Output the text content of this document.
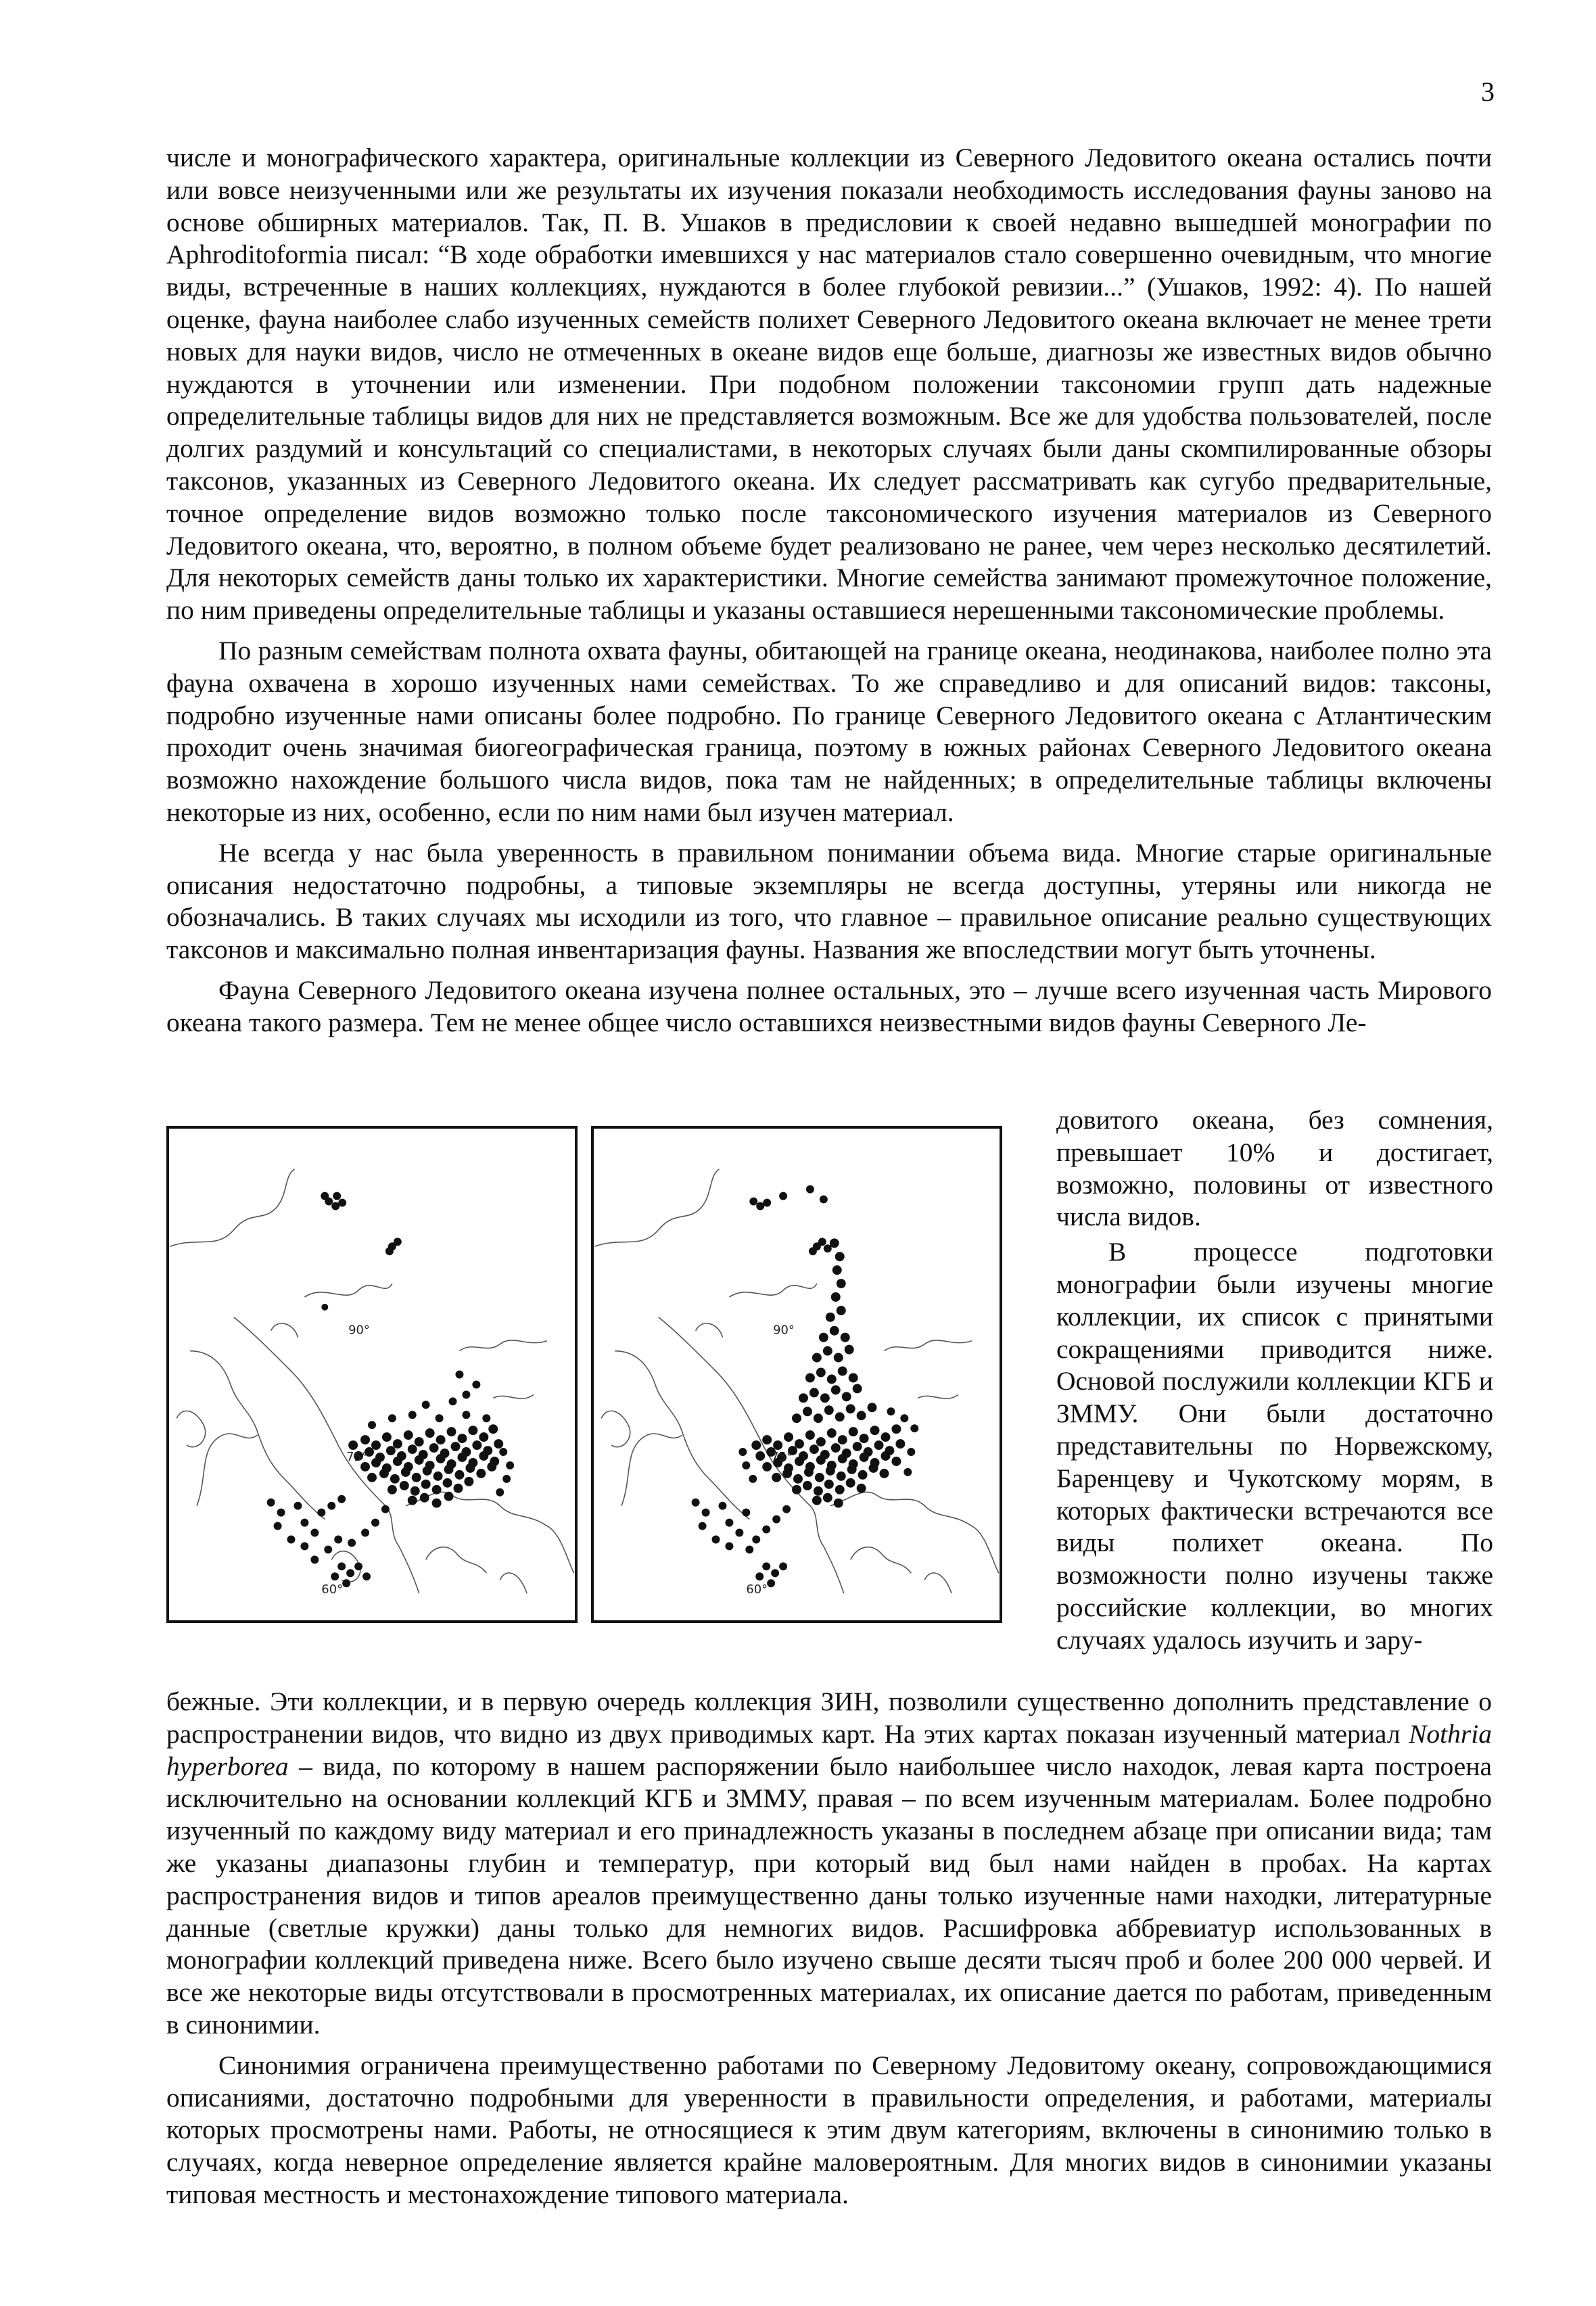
3

числе и монографического характера, оригинальные коллекции из Северного Ледовитого океана остались почти или вовсе неизученными или же результаты их изучения показали необходимость исследования фауны заново на основе обширных материалов. Так, П. В. Ушаков в предисловии к своей недавно вышедшей монографии по Aphroditoformia писал: “В ходе обработки имевшихся у нас материалов стало совершенно очевидным, что многие виды, встреченные в наших коллекциях, нуждаются в более глубокой ревизии...” (Ушаков, 1992: 4). По нашей оценке, фауна наиболее слабо изученных семейств полихет Северного Ледовитого океана включает не менее трети новых для науки видов, число не отмеченных в океане видов еще больше, диагнозы же известных видов обычно нуждаются в уточнении или изменении. При подобном положении таксономии групп дать надежные определительные таблицы видов для них не представляется возможным. Все же для удобства пользователей, после долгих раздумий и консультаций со специалистами, в некоторых случаях были даны скомпилированные обзоры таксонов, указанных из Северного Ледовитого океана. Их следует рассматривать как сугубо предварительные, точное определение видов возможно только после таксономического изучения материалов из Северного Ледовитого океана, что, вероятно, в полном объеме будет реализовано не ранее, чем через несколько десятилетий. Для некоторых семейств даны только их характеристики. Многие семейства занимают промежуточное положение, по ним приведены определительные таблицы и указаны оставшиеся нерешенными таксономические проблемы.

По разным семействам полнота охвата фауны, обитающей на границе океана, неодинакова, наиболее полно эта фауна охвачена в хорошо изученных нами семействах. То же справедливо и для описаний видов: таксоны, подробно изученные нами описаны более подробно. По границе Северного Ледовитого океана с Атлантическим проходит очень значимая биогеографическая граница, поэтому в южных районах Северного Ледовитого океана возможно нахождение большого числа видов, пока там не найденных; в определительные таблицы включены некоторые из них, особенно, если по ним нами был изучен материал.

Не всегда у нас была уверенность в правильном понимании объема вида. Многие старые оригинальные описания недостаточно подробны, а типовые экземпляры не всегда доступны, утеряны или никогда не обозначались. В таких случаях мы исходили из того, что главное – правильное описание реально существующих таксонов и максимально полная инвентаризация фауны. Названия же впоследствии могут быть уточнены.

Фауна Северного Ледовитого океана изучена полнее остальных, это – лучше всего изученная часть Мирового океана такого размера. Тем не менее общее число оставшихся неизвестными видов фауны Северного Ле-

90°
75°
60°
90°
75°
60°

довитого океана, без сомнения, превышает 10% и достигает, возможно, половины от известного числа видов.

В процессе подготовки монографии были изучены многие коллекции, их список с принятыми сокращениями приводится ниже. Основой послужили коллекции КГБ и ЗММУ. Они были достаточно представительны по Норвежскому, Баренцеву и Чукотскому морям, в которых фактически встречаются все виды полихет океана. По возможности полно изучены также российские коллекции, во многих случаях удалось изучить и зару-

бежные. Эти коллекции, и в первую очередь коллекция ЗИН, позволили существенно дополнить представление о распространении видов, что видно из двух приводимых карт. На этих картах показан изученный материал Nothria hyperborea – вида, по которому в нашем распоряжении было наибольшее число находок, левая карта построена исключительно на основании коллекций КГБ и ЗММУ, правая – по всем изученным материалам. Более подробно изученный по каждому виду материал и его принадлежность указаны в последнем абзаце при описании вида; там же указаны диапазоны глубин и температур, при который вид был нами найден в пробах. На картах распространения видов и типов ареалов преимущественно даны только изученные нами находки, литературные данные (светлые кружки) даны только для немногих видов. Расшифровка аббревиатур использованных в монографии коллекций приведена ниже. Всего было изучено свыше десяти тысяч проб и более 200 000 червей. И все же некоторые виды отсутствовали в просмотренных материалах, их описание дается по работам, приведенным в синонимии.

Синонимия ограничена преимущественно работами по Северному Ледовитому океану, сопровождающимися описаниями, достаточно подробными для уверенности в правильности определения, и работами, материалы которых просмотрены нами. Работы, не относящиеся к этим двум категориям, включены в синонимию только в случаях, когда неверное определение является крайне маловероятным. Для многих видов в синонимии указаны типовая местность и местонахождение типового материала.
